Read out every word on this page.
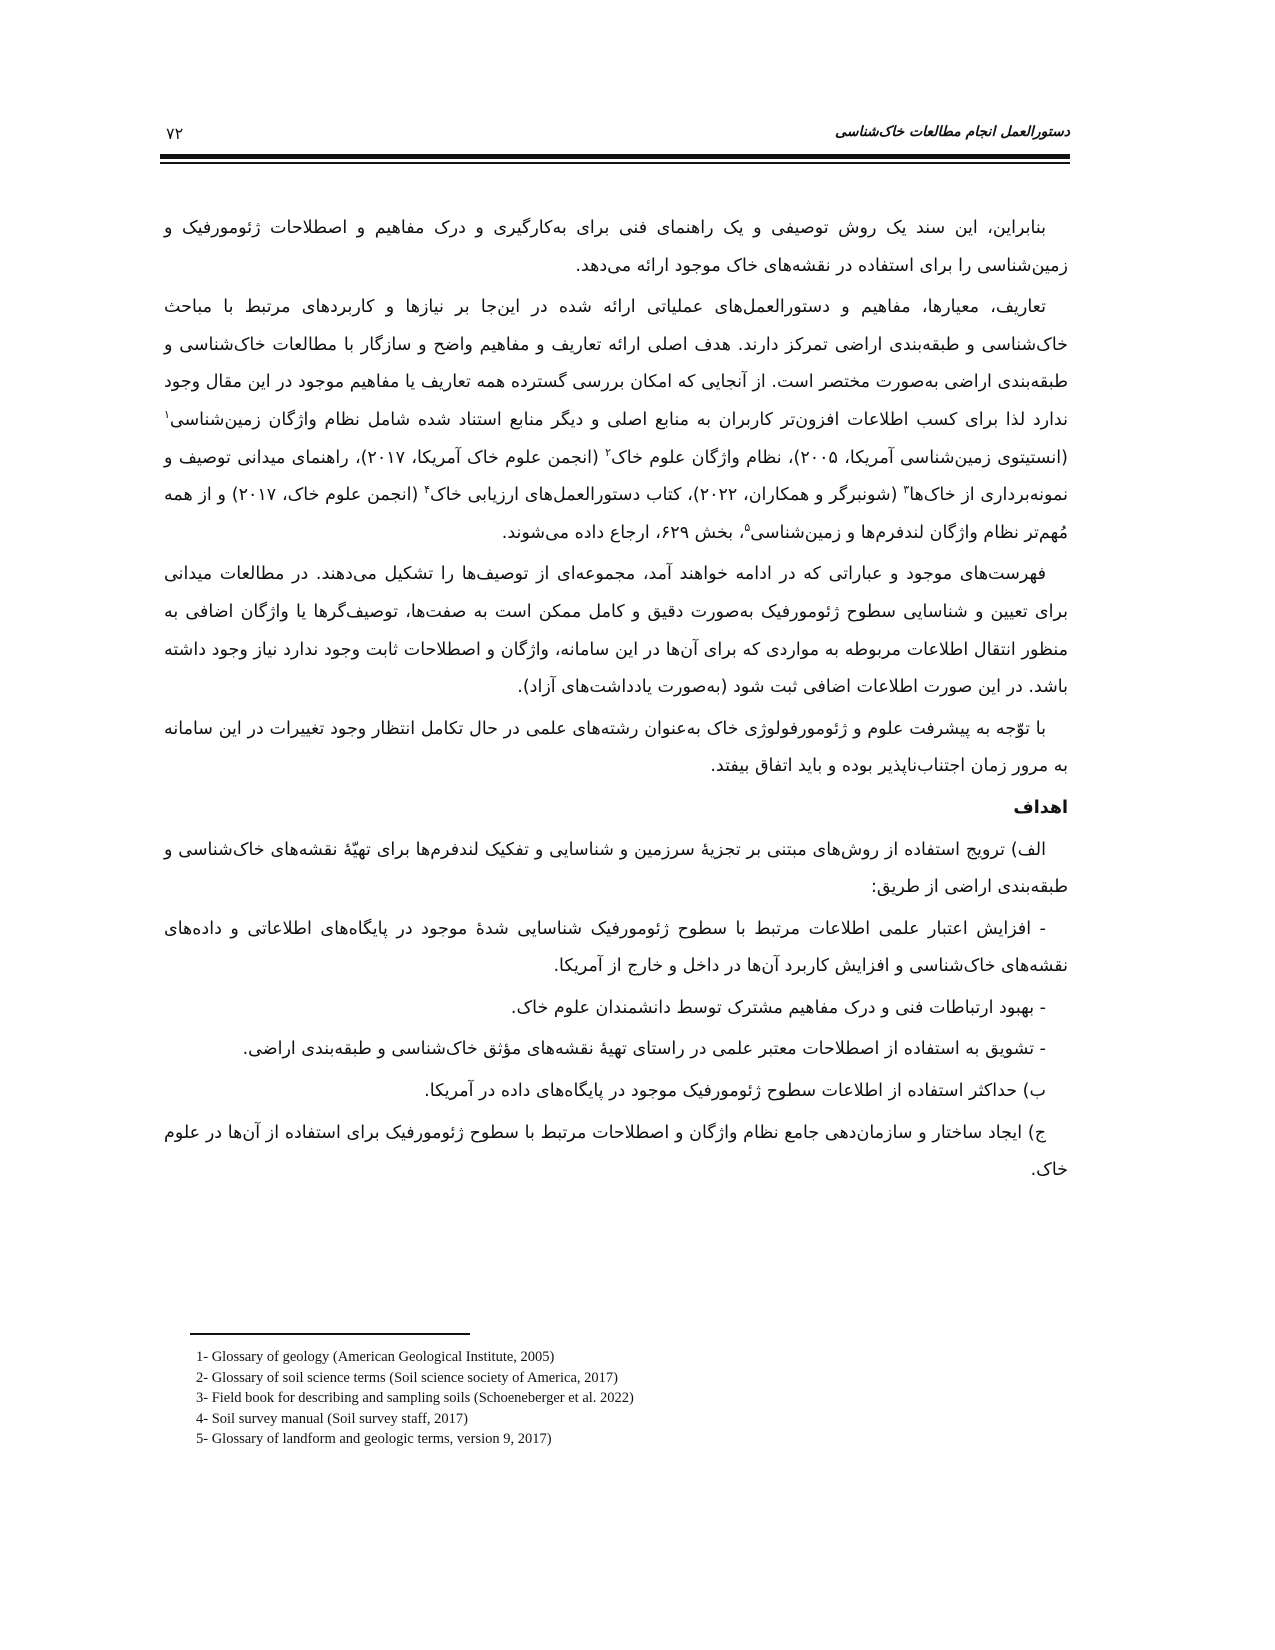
۷۲	دستورالعمل انجام مطالعات خاک‌شناسی

بنابراین، این سند یک روش توصیفی و یک راهنمای فنی برای به‌کارگیری و درک مفاهیم و اصطلاحات ژئومورفیک و زمین‌شناسی را برای استفاده در نقشه‌های خاک موجود ارائه می‌دهد.

تعاریف، معیارها، مفاهیم و دستورالعمل‌های عملیاتی ارائه شده در این‌جا بر نیازها و کاربردهای مرتبط با مباحث خاک‌شناسی و طبقه‌بندی اراضی تمرکز دارند. هدف اصلی ارائه تعاریف و مفاهیم واضح و سازگار با مطالعات خاک‌شناسی و طبقه‌بندی اراضی به‌صورت مختصر است. از آنجایی که امکان بررسی گسترده همه تعاریف یا مفاهیم موجود در این مقال وجود ندارد لذا برای کسب اطلاعات افزون‌تر کاربران به منابع اصلی و دیگر منابع استناد شده شامل نظام واژگان زمین‌شناسی$^۱$ (انستیتوی زمین‌شناسی آمریکا، ۲۰۰۵)، نظام واژگان علوم خاک$^۲$ (انجمن علوم خاک آمریکا، ۲۰۱۷)، راهنمای میدانی توصیف و نمونه‌برداری از خاک‌ها$^۳$ (شونبرگر و همکاران، ۲۰۲۲)، کتاب دستورالعمل‌های ارزیابی خاک$^۴$ (انجمن علوم خاک، ۲۰۱۷) و از همه مُهم‌تر نظام واژگان لندفرم‌ها و زمین‌شناسی$^۵$، بخش ۶۲۹، ارجاع داده می‌شوند.

فهرست‌های موجود و عباراتی که در ادامه خواهند آمد، مجموعه‌ای از توصیف‌ها را تشکیل می‌دهند. در مطالعات میدانی برای تعیین و شناسایی سطوح ژئومورفیک به‌صورت دقیق و کامل ممکن است به صفت‌ها، توصیف‌گرها یا واژگان اضافی به منظور انتقال اطلاعات مربوطه به مواردی که برای آن‌ها در این سامانه، واژگان و اصطلاحات ثابت وجود ندارد نیاز وجود داشته باشد. در این صورت اطلاعات اضافی ثبت شود (به‌صورت یادداشت‌های آزاد).

با توّجه به پیشرفت علوم و ژئومورفولوژی خاک به‌عنوان رشته‌های علمی در حال تکامل انتظار وجود تغییرات در این سامانه به مرور زمان اجتناب‌ناپذیر بوده و باید اتفاق بیفتد.

اهداف

الف) ترویج استفاده از روش‌های مبتنی بر تجزیهٔ سرزمین و شناسایی و تفکیک لندفرم‌ها برای تهیّهٔ نقشه‌های خاک‌شناسی و طبقه‌بندی اراضی از طریق:

- افزایش اعتبار علمی اطلاعات مرتبط با سطوح ژئومورفیک شناسایی شدهٔ موجود در پایگاه‌های اطلاعاتی و داده‌های نقشه‌های خاک‌شناسی و افزایش کاربرد آن‌ها در داخل و خارج از آمریکا.

- بهبود ارتباطات فنی و درک مفاهیم مشترک توسط دانشمندان علوم خاک.

- تشویق به استفاده از اصطلاحات معتبر علمی در راستای تهیهٔ نقشه‌های مؤثق خاک‌شناسی و طبقه‌بندی اراضی.

ب) حداکثر استفاده از اطلاعات سطوح ژئومورفیک موجود در پایگاه‌های داده در آمریکا.

ج) ایجاد ساختار و سازمان‌دهی جامع نظام واژگان و اصطلاحات مرتبط با سطوح ژئومورفیک برای استفاده از آن‌ها در علوم خاک.

1- Glossary of geology (American Geological Institute, 2005)
2- Glossary of soil science terms (Soil science society of America, 2017)
3- Field book for describing and sampling soils (Schoeneberger et al. 2022)
4- Soil survey manual (Soil survey staff, 2017)
5- Glossary of landform and geologic terms, version 9, 2017)
